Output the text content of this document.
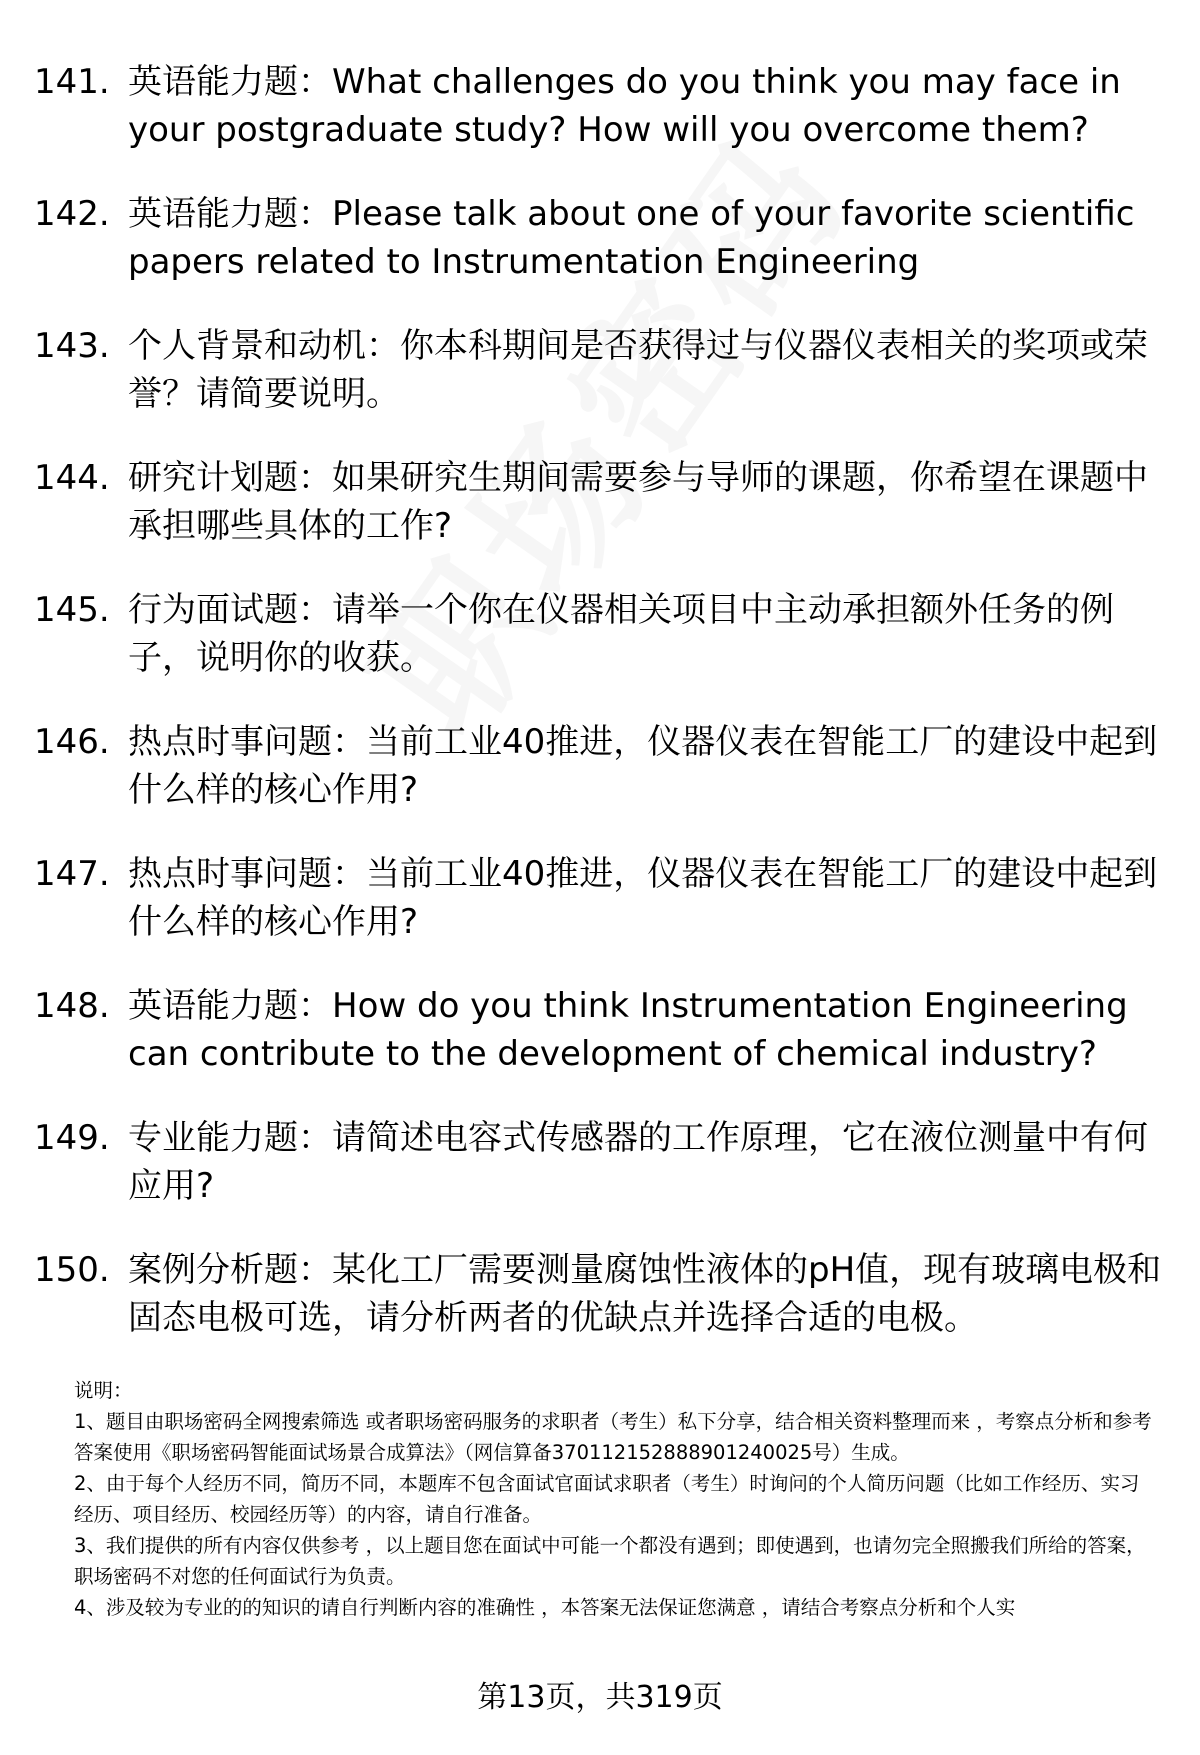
141. 英语能力题：What challenges do you think you may face in your postgraduate study? How will you overcome them?
142. 英语能力题：Please talk about one of your favorite scientific papers related to Instrumentation Engineering
143. 个人背景和动机：你本科期间是否获得过与仪器仪表相关的奖项或荣誉？请简要说明。
144. 研究计划题：如果研究生期间需要参与导师的课题，你希望在课题中承担哪些具体的工作?
145. 行为面试题：请举一个你在仪器相关项目中主动承担额外任务的例子，说明你的收获。
146. 热点时事问题：当前工业40推进，仪器仪表在智能工厂的建设中起到什么样的核心作用?
147. 热点时事问题：当前工业40推进，仪器仪表在智能工厂的建设中起到什么样的核心作用?
148. 英语能力题：How do you think Instrumentation Engineering can contribute to the development of chemical industry?
149. 专业能力题：请简述电容式传感器的工作原理，它在液位测量中有何应用?
150. 案例分析题：某化工厂需要测量腐蚀性液体的pH值，现有玻璃电极和固态电极可选，请分析两者的优缺点并选择合适的电极。

说明：

1、题目由职场密码全网搜索筛选 或者职场密码服务的求职者（考生）私下分享，结合相关资料整理而来 ，考察点分析和参考答案使用《职场密码智能面试场景合成算法》（网信算备370112152888901240025号）生成。

2、由于每个人经历不同，简历不同，本题库不包含面试官面试求职者（考生）时询问的个人简历问题（比如工作经历、实习经历、项目经历、校园经历等）的内容，请自行准备。

3、我们提供的所有内容仅供参考 ，以上题目您在面试中可能一个都没有遇到；即使遇到，也请勿完全照搬我们所给的答案，职场密码不对您的任何面试行为负责。

4、涉及较为专业的的知识的请自行判断内容的准确性 ，本答案无法保证您满意 ，请结合考察点分析和个人实

第13页，共319页
